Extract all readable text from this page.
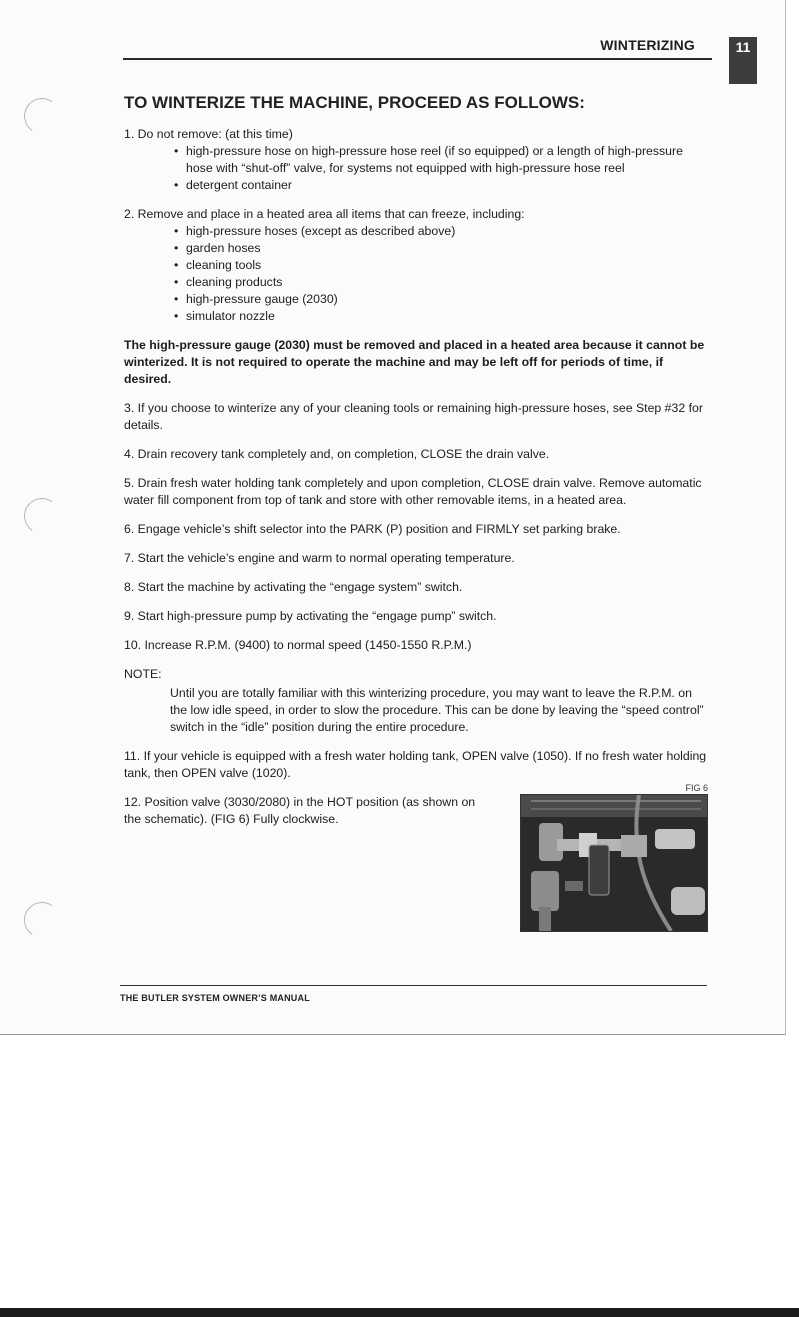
WINTERIZING	11
TO WINTERIZE THE MACHINE, PROCEED AS FOLLOWS:

1. Do not remove: (at this time)

• high-pressure hose on high-pressure hose reel (if so equipped) or a length of high-pressure hose with “shut-off” valve, for systems not equipped with high-pressure hose reel
• detergent container

2. Remove and place in a heated area all items that can freeze, including:

• high-pressure hoses (except as described above)
• garden hoses
• cleaning tools
• cleaning products
• high-pressure gauge (2030)
• simulator nozzle

The high-pressure gauge (2030) must be removed and placed in a heated area because it cannot be winterized. It is not required to operate the machine and may be left off for periods of time, if desired.

3. If you choose to winterize any of your cleaning tools or remaining high-pressure hoses, see Step #32 for details.

4. Drain recovery tank completely and, on completion, CLOSE the drain valve.

5. Drain fresh water holding tank completely and upon completion, CLOSE drain valve. Remove automatic water fill component from top of tank and store with other removable items, in a heated area.

6. Engage vehicle’s shift selector into the PARK (P) position and FIRMLY set parking brake.

7. Start the vehicle’s engine and warm to normal operating temperature.

8. Start the machine by activating the “engage system” switch.

9. Start high-pressure pump by activating the “engage pump” switch.

10. Increase R.P.M. (9400) to normal speed (1450-1550 R.P.M.)

NOTE:

Until you are totally familiar with this winterizing procedure, you may want to leave the R.P.M. on the low idle speed, in order to slow the procedure. This can be done by leaving the “speed control” switch in the “idle” position during the entire procedure.

11. If your vehicle is equipped with a fresh water holding tank, OPEN valve (1050). If no fresh water holding tank, then OPEN valve (1020).

12. Position valve (3030/2080) in the HOT position (as shown on the schematic). (FIG 6) Fully clockwise.

FIG 6
THE BUTLER SYSTEM OWNER’S MANUAL
